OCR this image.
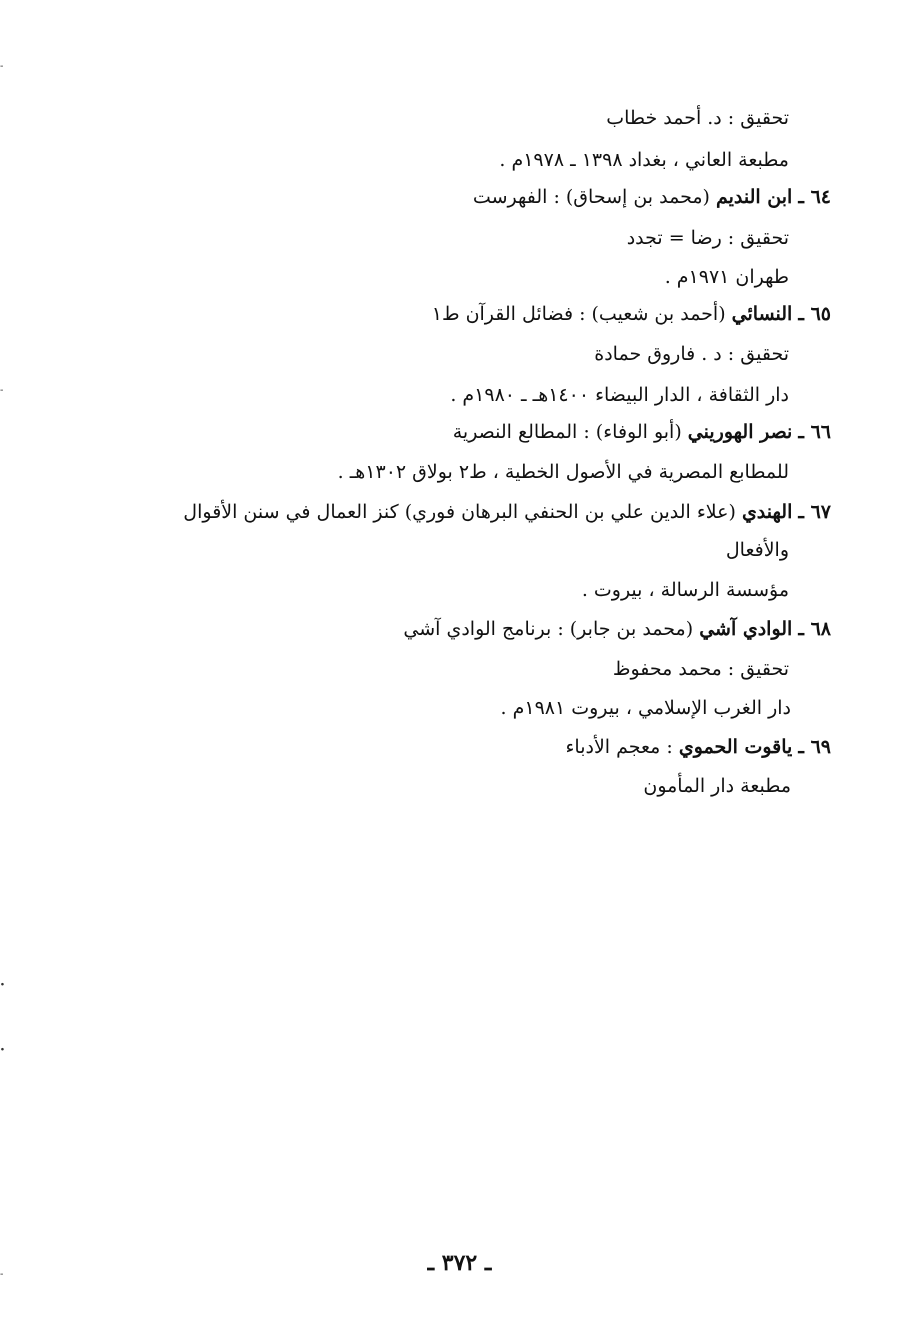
تحقيق : د. أحمد خطاب
مطبعة العاني ، بغداد ١٣٩٨ ـ ١٩٧٨م .
٦٤ ـ ابن النديم (محمد بن إسحاق) : الفهرست
تحقيق : رضا = تجدد
طهران ١٩٧١م .
٦٥ ـ النسائي (أحمد بن شعيب) : فضائل القرآن ط١
تحقيق : د . فاروق حمادة
دار الثقافة ، الدار البيضاء ١٤٠٠هـ ـ ١٩٨٠م .
٦٦ ـ نصر الهوريني (أبو الوفاء) : المطالع النصرية
للمطابع المصرية في الأصول الخطية ، ط٢ بولاق ١٣٠٢هـ .
٦٧ ـ الهندي (علاء الدين علي بن الحنفي البرهان فوري) كنز العمال في سنن الأقوال
والأفعال
مؤسسة الرسالة ، بيروت .
٦٨ ـ الوادي آشي (محمد بن جابر) : برنامج الوادي آشي
تحقيق : محمد محفوظ
دار الغرب الإسلامي ، بيروت ١٩٨١م .
٦٩ ـ ياقوت الحموي : معجم الأدباء
مطبعة دار المأمون
-
-
·
·
-	ـ ٣٧٢ ـ
